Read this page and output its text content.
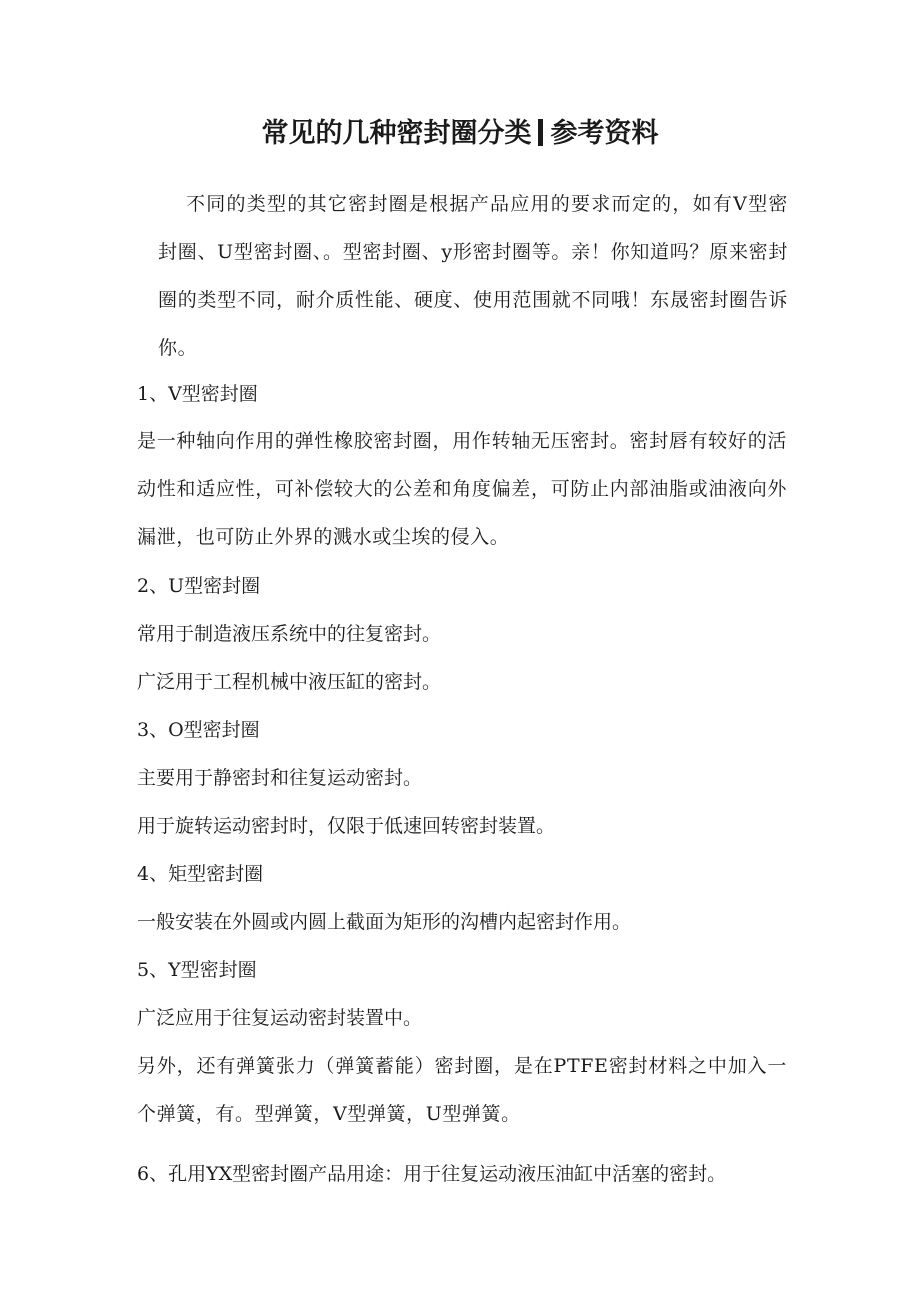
常见的几种密封圈分类 参考资料
不同的类型的其它密封圈是根据产品应用的要求而定的，如有V型密封圈、U型密封圈、。型密封圈、y形密封圈等。亲！你知道吗？原来密封圈的类型不同，耐介质性能、硬度、使用范围就不同哦！东晟密封圈告诉你。
1、V型密封圈
是一种轴向作用的弹性橡胶密封圈，用作转轴无压密封。密封唇有较好的活动性和适应性，可补偿较大的公差和角度偏差，可防止内部油脂或油液向外漏泄，也可防止外界的溅水或尘埃的侵入。
2、U型密封圈
常用于制造液压系统中的往复密封。
广泛用于工程机械中液压缸的密封。
3、O型密封圈
主要用于静密封和往复运动密封。
用于旋转运动密封时，仅限于低速回转密封装置。
4、矩型密封圈
一般安装在外圆或内圆上截面为矩形的沟槽内起密封作用。
5、Y型密封圈
广泛应用于往复运动密封装置中。
另外，还有弹簧张力（弹簧蓄能）密封圈，是在PTFE密封材料之中加入一个弹簧，有。型弹簧，V型弹簧，U型弹簧。
6、孔用YX型密封圈产品用途：用于往复运动液压油缸中活塞的密封。
